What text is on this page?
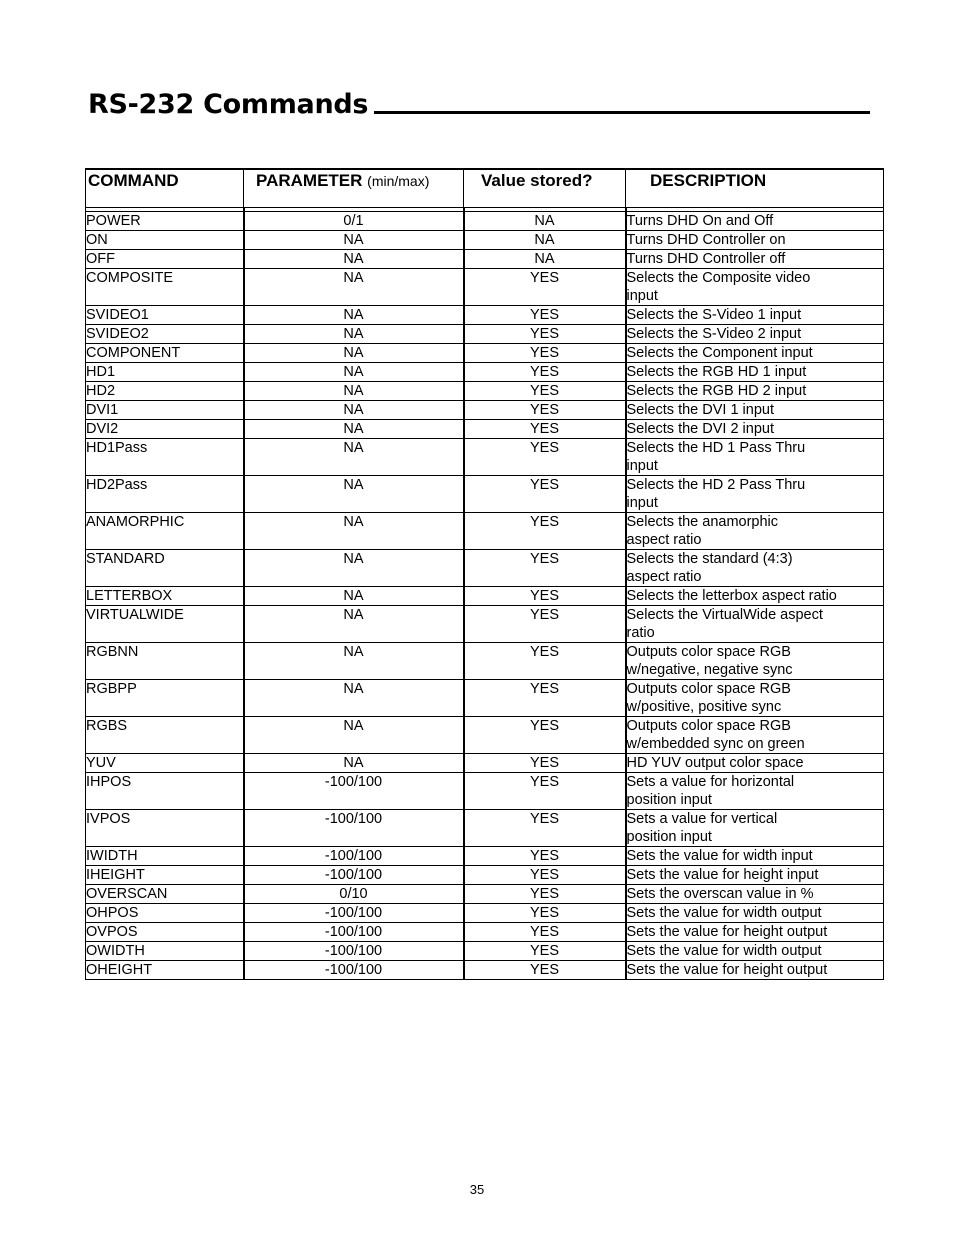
RS-232 Commands
COMMAND	PARAMETER (min/max)	Value stored?	DESCRIPTION

POWER	0/1	NA	Turns DHD On and Off
ON	NA	NA	Turns DHD Controller on
OFF	NA	NA	Turns DHD Controller off
COMPOSITE	NA	YES	Selects the Composite video
input
SVIDEO1	NA	YES	Selects the S-Video 1 input
SVIDEO2	NA	YES	Selects the S-Video 2 input
COMPONENT	NA	YES	Selects the Component input
HD1	NA	YES	Selects the RGB HD 1 input
HD2	NA	YES	Selects the RGB HD 2 input
DVI1	NA	YES	Selects the DVI 1 input
DVI2	NA	YES	Selects the DVI 2 input
HD1Pass	NA	YES	Selects the HD 1 Pass Thru
input
HD2Pass	NA	YES	Selects the HD 2 Pass Thru
input
ANAMORPHIC	NA	YES	Selects the anamorphic
aspect ratio
STANDARD	NA	YES	Selects the standard (4:3)
aspect ratio
LETTERBOX	NA	YES	Selects the letterbox aspect ratio
VIRTUALWIDE	NA	YES	Selects the VirtualWide aspect
ratio
RGBNN	NA	YES	Outputs color space RGB
w/negative, negative sync
RGBPP	NA	YES	Outputs color space RGB
w/positive, positive sync
RGBS	NA	YES	Outputs color space RGB
w/embedded sync on green
YUV	NA	YES	HD YUV output color space
IHPOS	-100/100	YES	Sets a value for horizontal
position input
IVPOS	-100/100	YES	Sets a value for vertical
position input
IWIDTH	-100/100	YES	Sets the value for width input
IHEIGHT	-100/100	YES	Sets the value for height input
OVERSCAN	0/10	YES	Sets the overscan value in %
OHPOS	-100/100	YES	Sets the value for width output
OVPOS	-100/100	YES	Sets the value for height output
OWIDTH	-100/100	YES	Sets the value for width output
OHEIGHT	-100/100	YES	Sets the value for height output
35
